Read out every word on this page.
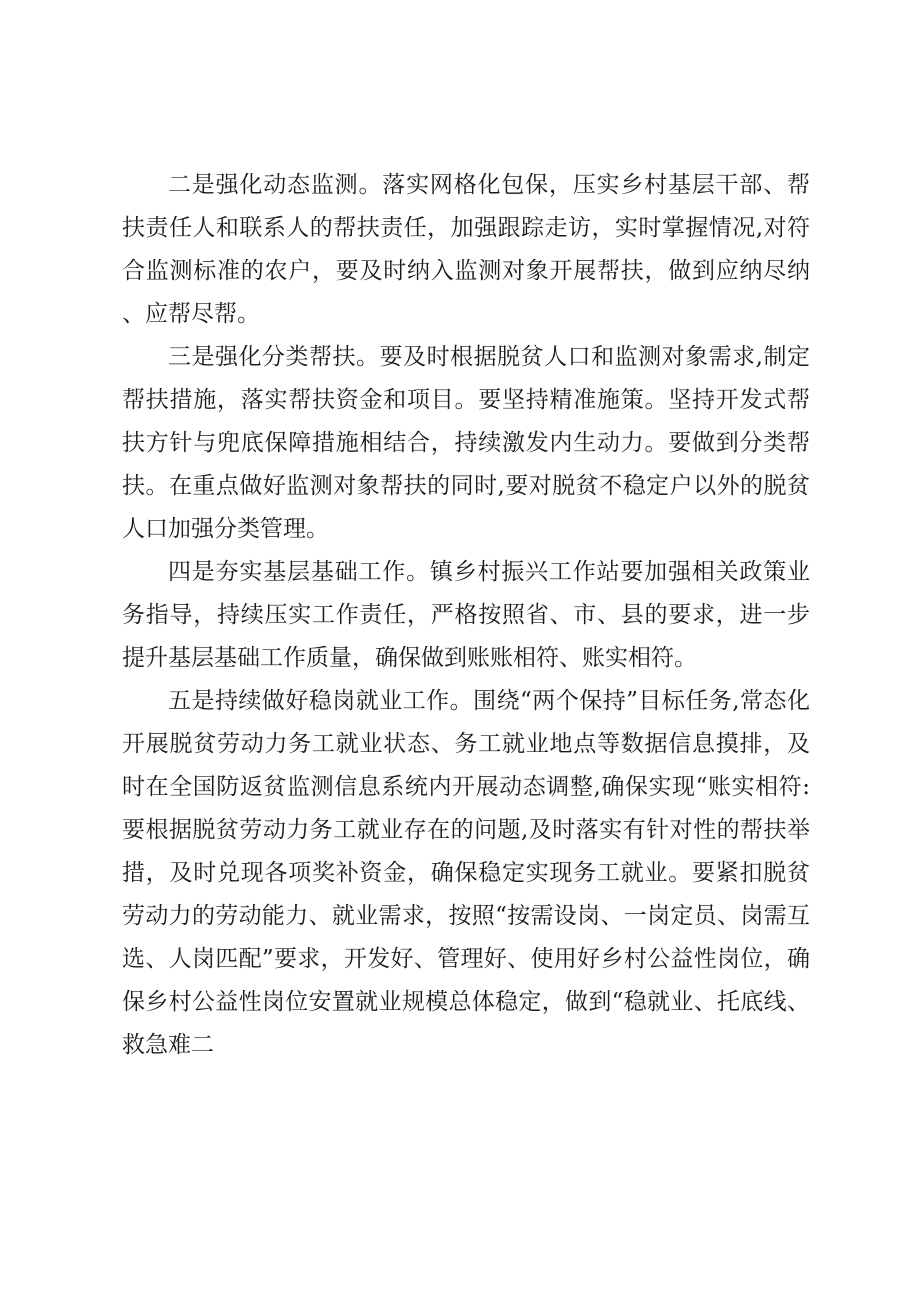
二是强化动态监测。落实网格化包保，压实乡村基层干部、帮扶责任人和联系人的帮扶责任，加强跟踪走访，实时掌握情况,对符合监测标准的农户，要及时纳入监测对象开展帮扶，做到应纳尽纳、应帮尽帮。

三是强化分类帮扶。要及时根据脱贫人口和监测对象需求,制定帮扶措施，落实帮扶资金和项目。要坚持精准施策。坚持开发式帮扶方针与兜底保障措施相结合，持续激发内生动力。要做到分类帮扶。在重点做好监测对象帮扶的同时,要对脱贫不稳定户以外的脱贫人口加强分类管理。

四是夯实基层基础工作。镇乡村振兴工作站要加强相关政策业务指导，持续压实工作责任，严格按照省、市、县的要求，进一步提升基层基础工作质量，确保做到账账相符、账实相符。

五是持续做好稳岗就业工作。围绕“两个保持”目标任务,常态化开展脱贫劳动力务工就业状态、务工就业地点等数据信息摸排，及时在全国防返贫监测信息系统内开展动态调整,确保实现“账实相符:要根据脱贫劳动力务工就业存在的问题,及时落实有针对性的帮扶举措，及时兑现各项奖补资金，确保稳定实现务工就业。要紧扣脱贫劳动力的劳动能力、就业需求，按照“按需设岗、一岗定员、岗需互选、人岗匹配”要求，开发好、管理好、使用好乡村公益性岗位，确保乡村公益性岗位安置就业规模总体稳定，做到“稳就业、托底线、救急难二
